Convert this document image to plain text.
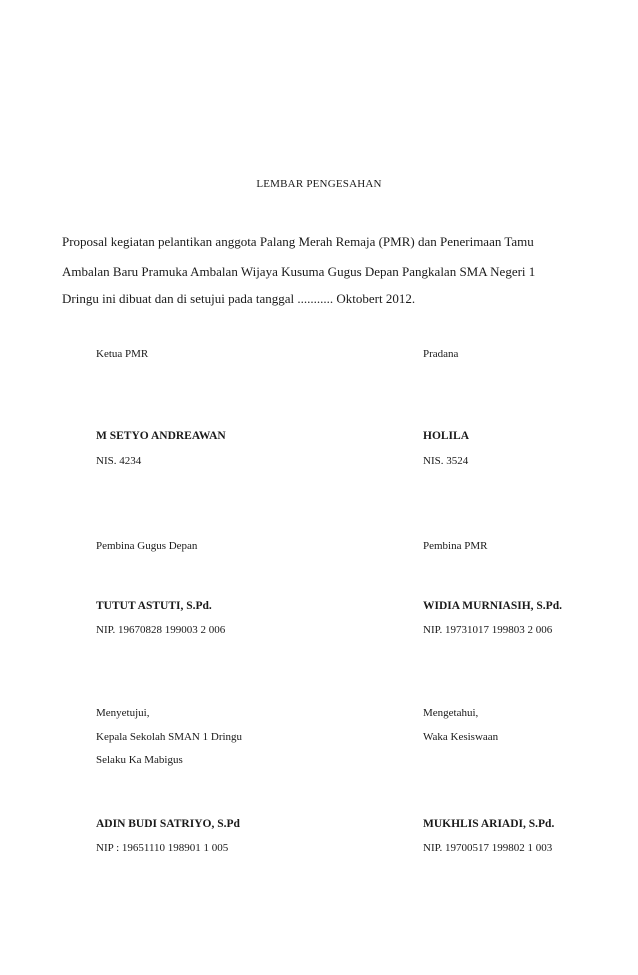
LEMBAR PENGESAHAN
Proposal kegiatan pelantikan anggota Palang Merah Remaja (PMR) dan Penerimaan Tamu
Ambalan Baru Pramuka Ambalan Wijaya Kusuma Gugus Depan Pangkalan SMA Negeri 1
Dringu ini dibuat dan di setujui pada tanggal ........... Oktobert 2012.
Ketua PMR	Pradana
M SETYO ANDREAWAN	HOLILA
NIS. 4234	NIS. 3524
Pembina Gugus Depan	Pembina PMR
TUTUT ASTUTI, S.Pd.	WIDIA MURNIASIH, S.Pd.
NIP. 19670828 199003 2 006	NIP. 19731017 199803 2 006
Menyetujui,	Mengetahui,
Kepala Sekolah SMAN 1 Dringu	Waka Kesiswaan
Selaku Ka Mabigus
ADIN BUDI SATRIYO, S.Pd	MUKHLIS ARIADI, S.Pd.
NIP : 19651110 198901 1 005	NIP. 19700517 199802 1 003
